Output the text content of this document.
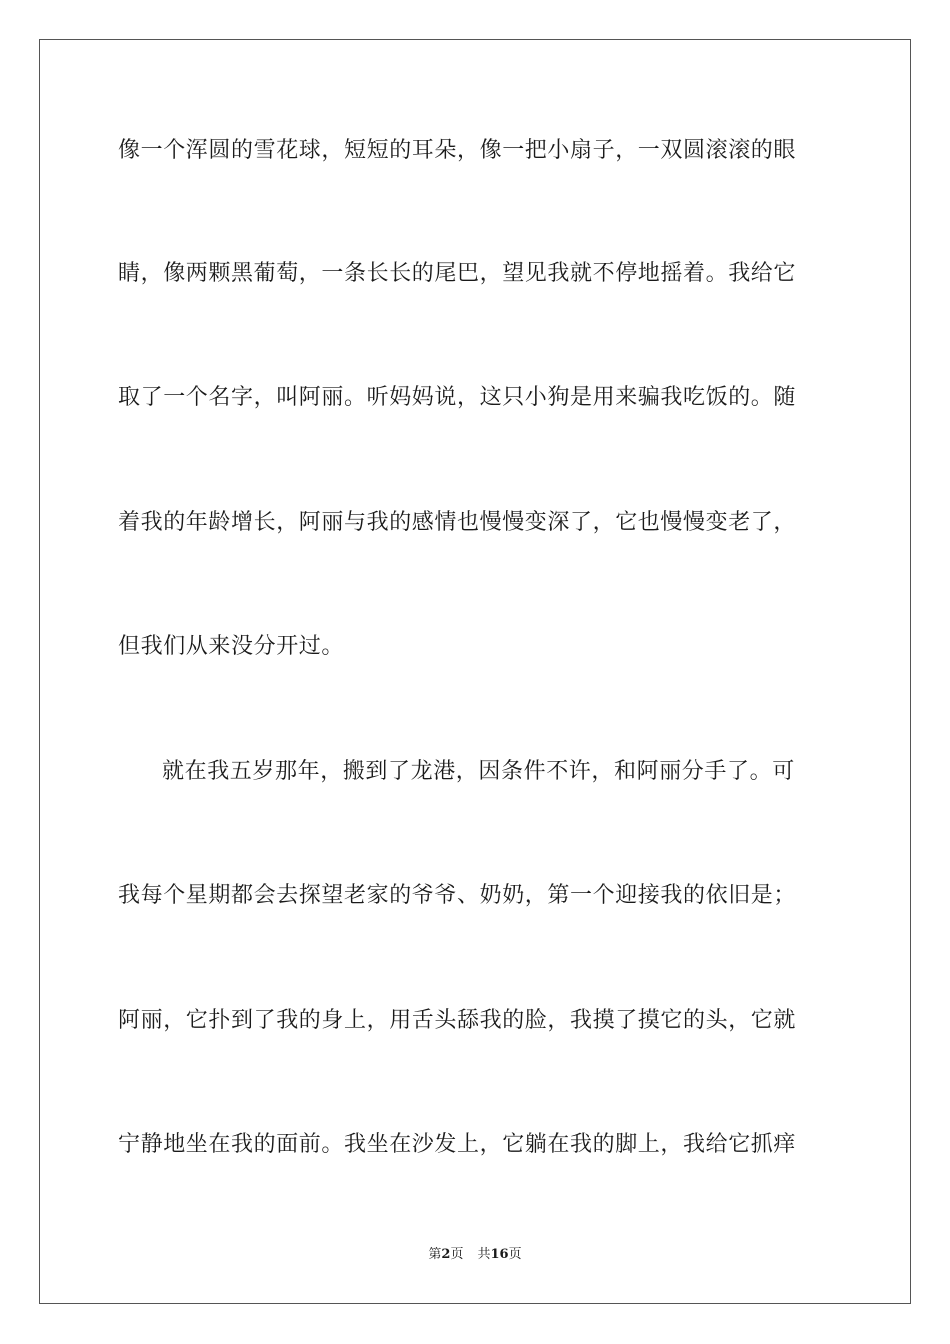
像一个浑圆的雪花球，短短的耳朵，像一把小扇子，一双圆滚滚的眼
睛，像两颗黑葡萄，一条长长的尾巴，望见我就不停地摇着。我给它
取了一个名字，叫阿丽。听妈妈说，这只小狗是用来骗我吃饭的。随
着我的年龄增长，阿丽与我的感情也慢慢变深了，它也慢慢变老了，
但我们从来没分开过。
就在我五岁那年，搬到了龙港，因条件不许，和阿丽分手了。可
我每个星期都会去探望老家的爷爷、奶奶，第一个迎接我的依旧是；
阿丽，它扑到了我的身上，用舌头舔我的脸，我摸了摸它的头，它就
宁静地坐在我的面前。我坐在沙发上，它躺在我的脚上，我给它抓痒
第2页 共16页
